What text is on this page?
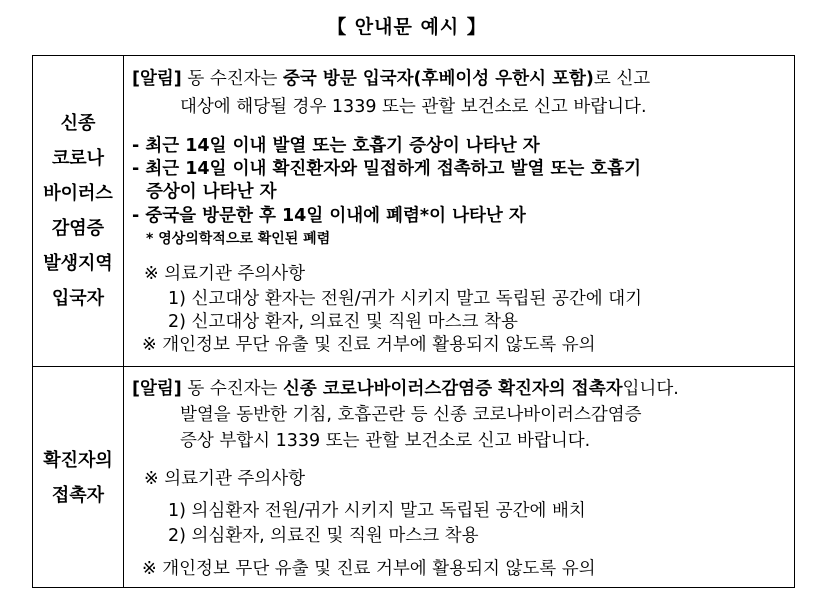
【 안내문 예시 】
신종
코로나
바이러스
감염증
발생지역
입국자
[알림] 동 수진자는 중국 방문 입국자(후베이성 우한시 포함)로 신고
대상에 해당될 경우 1339 또는 관할 보건소로 신고 바랍니다.
- 최근 14일 이내 발열 또는 호흡기 증상이 나타난 자
- 최근 14일 이내 확진환자와 밀접하게 접촉하고 발열 또는 호흡기
증상이 나타난 자
- 중국을 방문한 후 14일 이내에 폐렴*이 나타난 자
* 영상의학적으로 확인된 폐렴
※ 의료기관 주의사항
1) 신고대상 환자는 전원/귀가 시키지 말고 독립된 공간에 대기
2) 신고대상 환자, 의료진 및 직원 마스크 착용
※ 개인정보 무단 유출 및 진료 거부에 활용되지 않도록 유의
확진자의
접촉자
[알림] 동 수진자는 신종 코로나바이러스감염증 확진자의 접촉자입니다.
발열을 동반한 기침, 호흡곤란 등 신종 코로나바이러스감염증
증상 부합시 1339 또는 관할 보건소로 신고 바랍니다.
※ 의료기관 주의사항
1) 의심환자 전원/귀가 시키지 말고 독립된 공간에 배치
2) 의심환자, 의료진 및 직원 마스크 착용
※ 개인정보 무단 유출 및 진료 거부에 활용되지 않도록 유의
